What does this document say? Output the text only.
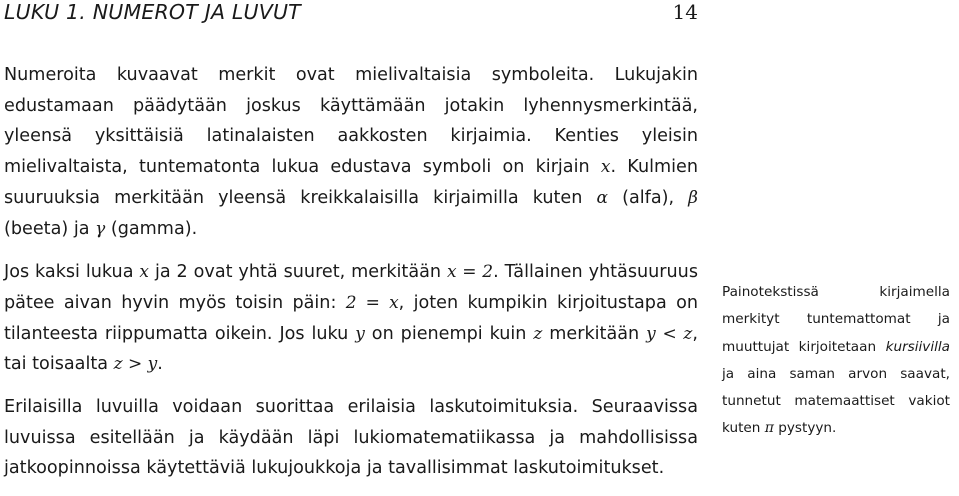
LUKU 1. NUMEROT JA LUVUT	14

Numeroita kuvaavat merkit ovat mielivaltaisia symboleita. Lukujakin edustamaan päädytään joskus käyttämään jotakin lyhennysmerkintää, yleensä yksittäisiä latinalaisten aakkosten kirjaimia. Kenties yleisin mielivaltaista, tuntematonta lukua edustava symboli on kirjain x. Kulmien suuruuksia merkitään yleensä kreikkalaisilla kirjaimilla kuten α (alfa), β (beeta) ja γ (gamma).

Jos kaksi lukua x ja 2 ovat yhtä suuret, merkitään x = 2. Tällainen yhtäsuuruus pätee aivan hyvin myös toisin päin: 2 = x, joten kumpikin kirjoitustapa on tilanteesta riippumatta oikein. Jos luku y on pienempi kuin z merkitään y < z, tai toisaalta z > y.

Erilaisilla luvuilla voidaan suorittaa erilaisia laskutoimituksia. Seuraavissa luvuissa esitellään ja käydään läpi lukiomatematiikassa ja mahdollisissa jatkoopinnoissa käytettäviä lukujoukkoja ja tavallisimmat laskutoimitukset.

Painotekstissä kirjaimella merkityt tuntemattomat ja muuttujat kirjoitetaan kursiivilla ja aina saman arvon saavat, tunnetut matemaattiset vakiot kuten π pystyyn.
